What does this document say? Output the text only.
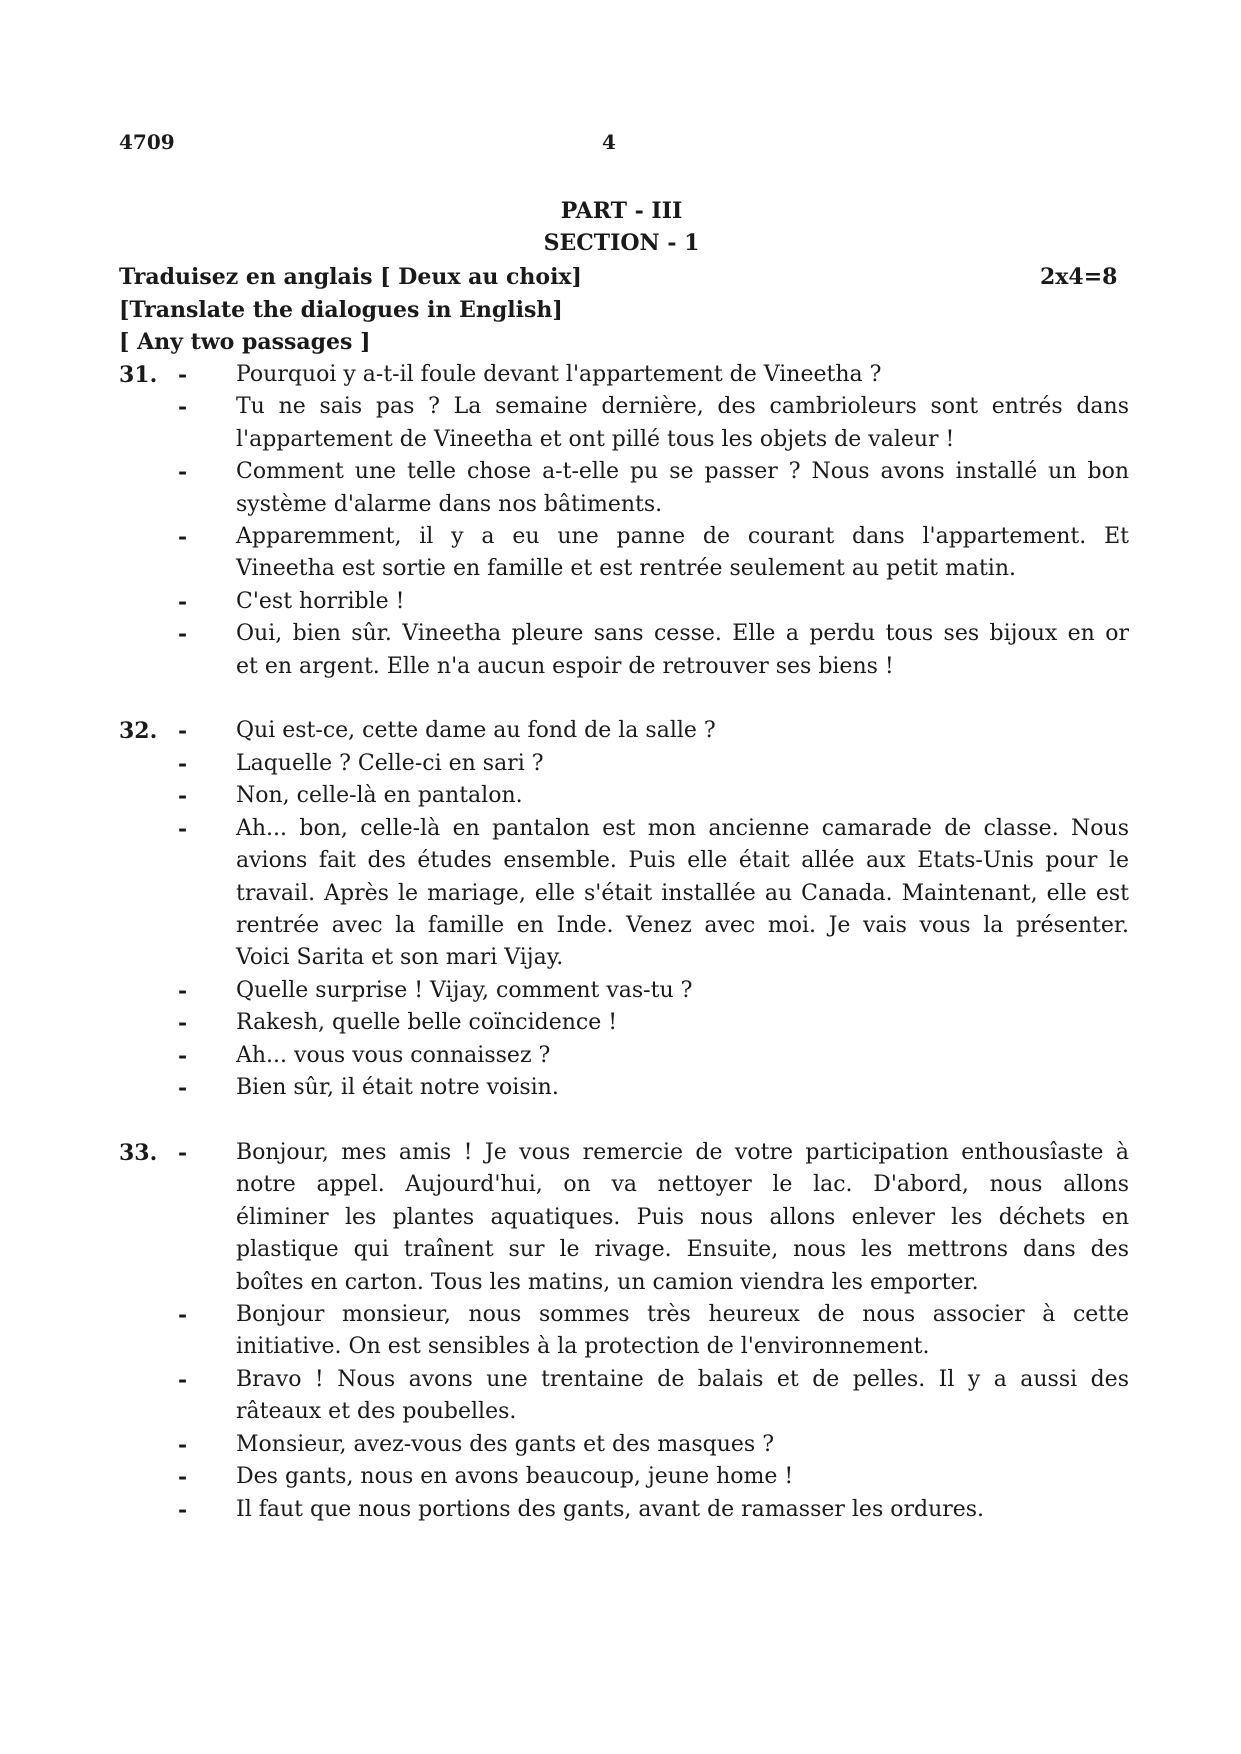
4709	4
PART - III
SECTION - 1
Traduisez en anglais [ Deux au choix]	2x4=8
[Translate the dialogues in English]
[ Any two passages ]
31. - Pourquoi y a-t-il foule devant l'appartement de Vineetha ?
- Tu ne sais pas ? La semaine dernière, des cambrioleurs sont entrés dans
l'appartement de Vineetha et ont pillé tous les objets de valeur !
- Comment une telle chose a-t-elle pu se passer ? Nous avons installé un bon
système d'alarme dans nos bâtiments.
- Apparemment, il y a eu une panne de courant dans l'appartement. Et
Vineetha est sortie en famille et est rentrée seulement au petit matin.
- C'est horrible !
- Oui, bien sûr. Vineetha pleure sans cesse. Elle a perdu tous ses bijoux en or
et en argent. Elle n'a aucun espoir de retrouver ses biens !
32. - Qui est-ce, cette dame au fond de la salle ?
- Laquelle ? Celle-ci en sari ?
- Non, celle-là en pantalon.
- Ah... bon, celle-là en pantalon est mon ancienne camarade de classe. Nous
avions fait des études ensemble. Puis elle était allée aux Etats-Unis pour le
travail. Après le mariage, elle s'était installée au Canada. Maintenant, elle est
rentrée avec la famille en Inde. Venez avec moi. Je vais vous la présenter.
Voici Sarita et son mari Vijay.
- Quelle surprise ! Vijay, comment vas-tu ?
- Rakesh, quelle belle coïncidence !
- Ah... vous vous connaissez ?
- Bien sûr, il était notre voisin.
33. - Bonjour, mes amis ! Je vous remercie de votre participation enthousîaste à
notre appel. Aujourd'hui, on va nettoyer le lac. D'abord, nous allons
éliminer les plantes aquatiques. Puis nous allons enlever les déchets en
plastique qui traînent sur le rivage. Ensuite, nous les mettrons dans des
boîtes en carton. Tous les matins, un camion viendra les emporter.
- Bonjour monsieur, nous sommes très heureux de nous associer à cette
initiative. On est sensibles à la protection de l'environnement.
- Bravo ! Nous avons une trentaine de balais et de pelles. Il y a aussi des
râteaux et des poubelles.
- Monsieur, avez-vous des gants et des masques ?
- Des gants, nous en avons beaucoup, jeune home !
- Il faut que nous portions des gants, avant de ramasser les ordures.
